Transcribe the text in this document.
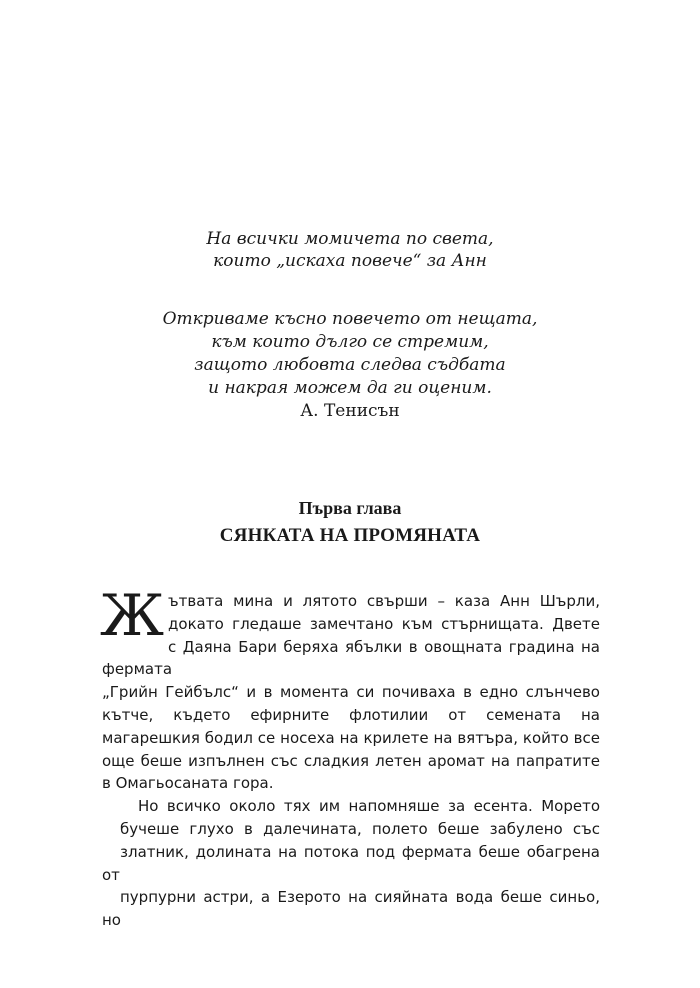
На всички момичета по света,
които „искаха повече“ за Анн
Откриваме късно повечето от нещата,
към които дълго се стремим,
защото любовта следва съдбата
и накрая можем да ги оценим.
А. Тенисън
Първа глава
СЯНКАТА НА ПРОМЯНАТА

Ж ътвата мина и лятото свърши – каза Анн Шърли,
докато гледаше замечтано към стърнищата. Двете
с Даяна Бари беряха ябълки в овощната градина на фермата
„Грийн Гейбълс“ и в момента си почиваха в едно слънчево
кътче, където ефирните флотилии от семената на
магарешкия бодил се носеха на крилете на вятъра, който все
още беше изпълнен със сладкия летен аромат на папратите
в Омагьосаната гора.

Но всичко около тях им напомняше за есента. Морето
бучеше глухо в далечината, полето беше забулено със
златник, долината на потока под фермата беше обагрена от
пурпурни астри, а Езерото на сияйната вода беше синьо, но
